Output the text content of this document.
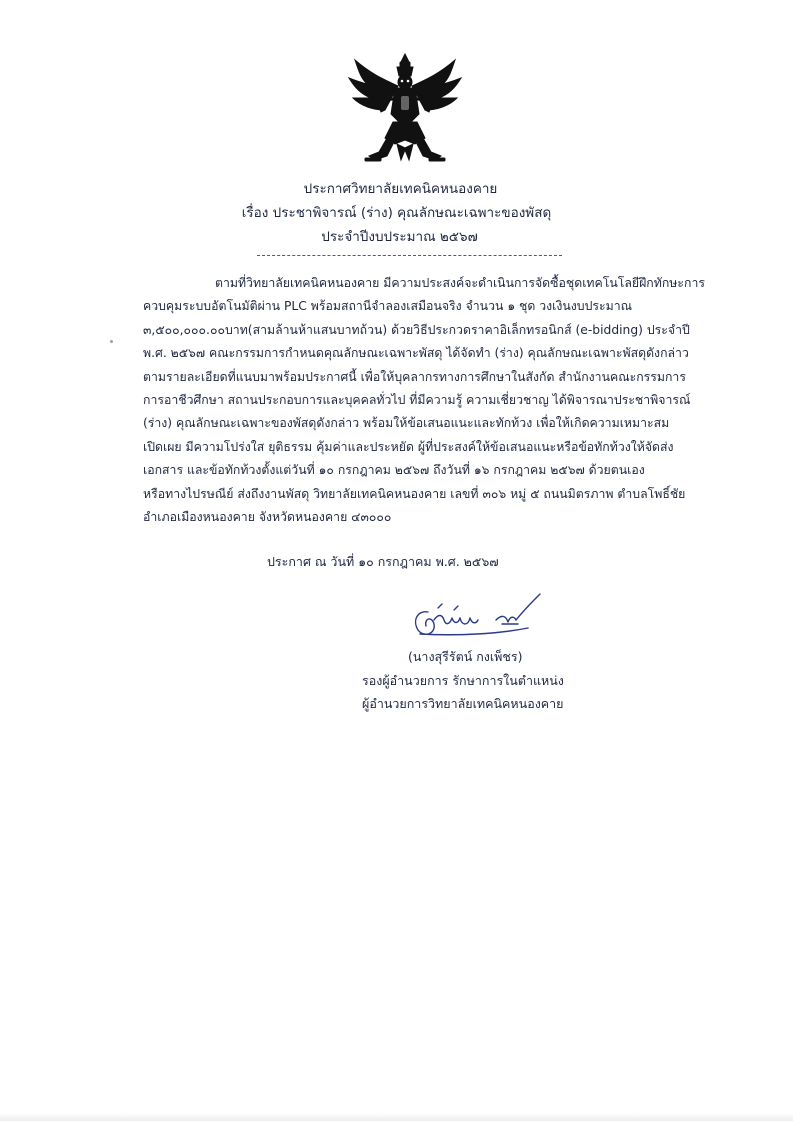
ประกาศวิทยาลัยเทคนิคหนองคาย
เรื่อง ประชาพิจารณ์ (ร่าง) คุณลักษณะเฉพาะของพัสดุ
ประจำปีงบประมาณ ๒๕๖๗
ตามที่วิทยาลัยเทคนิคหนองคาย มีความประสงค์จะดำเนินการจัดซื้อชุดเทคโนโลยีฝึกทักษะการ
ควบคุมระบบอัตโนมัติผ่าน PLC พร้อมสถานีจำลองเสมือนจริง จำนวน ๑ ชุด วงเงินงบประมาณ
๓,๕๐๐,๐๐๐.๐๐บาท(สามล้านห้าแสนบาทถ้วน) ด้วยวิธีประกวดราคาอิเล็กทรอนิกส์ (e-bidding) ประจำปี
พ.ศ. ๒๕๖๗ คณะกรรมการกำหนดคุณลักษณะเฉพาะพัสดุ ได้จัดทำ (ร่าง) คุณลักษณะเฉพาะพัสดุดังกล่าว
ตามรายละเอียดที่แนบมาพร้อมประกาศนี้ เพื่อให้บุคลากรทางการศึกษาในสังกัด สำนักงานคณะกรรมการ
การอาชีวศึกษา สถานประกอบการและบุคคลทั่วไป ที่มีความรู้ ความเชี่ยวชาญ ได้พิจารณาประชาพิจารณ์
(ร่าง) คุณลักษณะเฉพาะของพัสดุดังกล่าว พร้อมให้ข้อเสนอแนะและทักท้วง เพื่อให้เกิดความเหมาะสม
เปิดเผย มีความโปร่งใส ยุติธรรม คุ้มค่าและประหยัด ผู้ที่ประสงค์ให้ข้อเสนอแนะหรือข้อทักท้วงให้จัดส่ง
เอกสาร และข้อทักท้วงตั้งแต่วันที่ ๑๐ กรกฎาคม ๒๕๖๗ ถึงวันที่ ๑๖ กรกฎาคม ๒๕๖๗ ด้วยตนเอง
หรือทางไปรษณีย์ ส่งถึงงานพัสดุ วิทยาลัยเทคนิคหนองคาย เลขที่ ๓๐๖ หมู่ ๕ ถนนมิตรภาพ ตำบลโพธิ์ชัย
อำเภอเมืองหนองคาย จังหวัดหนองคาย ๔๓๐๐๐
ประกาศ ณ วันที่ ๑๐ กรกฎาคม พ.ศ. ๒๕๖๗
(นางสุรีรัตน์ กงเพ็ชร)
รองผู้อำนวยการ รักษาการในตำแหน่ง
ผู้อำนวยการวิทยาลัยเทคนิคหนองคาย
